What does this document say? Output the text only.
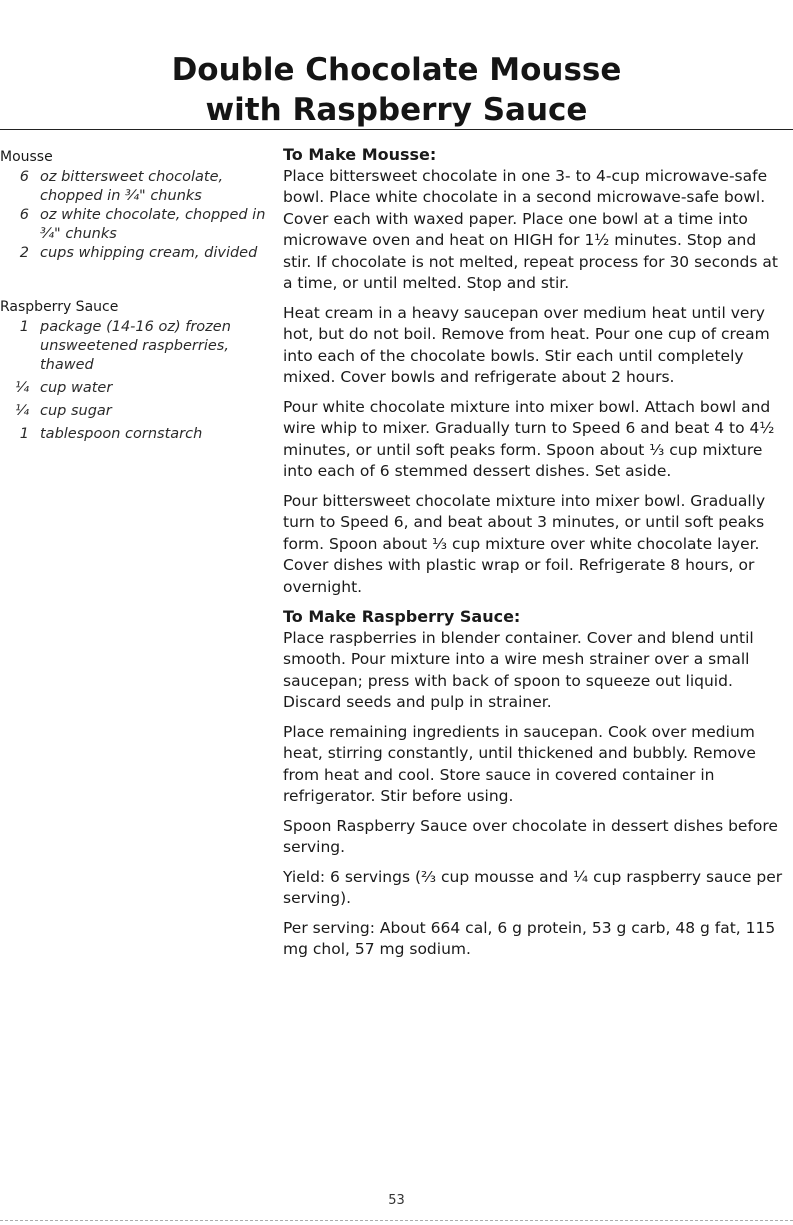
Double Chocolate Mousse
with Raspberry Sauce
Mousse
6 oz bittersweet chocolate, chopped in ¾" chunks
6 oz white chocolate, chopped in ¾" chunks
2 cups whipping cream, divided
Raspberry Sauce
1 package (14-16 oz) frozen unsweetened raspberries, thawed
¼ cup water
¼ cup sugar
1 tablespoon cornstarch
To Make Mousse:

Place bittersweet chocolate in one 3- to 4-cup microwave-safe bowl. Place white chocolate in a second microwave-safe bowl. Cover each with waxed paper. Place one bowl at a time into microwave oven and heat on HIGH for 1½ minutes. Stop and stir. If chocolate is not melted, repeat process for 30 seconds at a time, or until melted. Stop and stir.

Heat cream in a heavy saucepan over medium heat until very hot, but do not boil. Remove from heat. Pour one cup of cream into each of the chocolate bowls. Stir each until completely mixed. Cover bowls and refrigerate about 2 hours.

Pour white chocolate mixture into mixer bowl. Attach bowl and wire whip to mixer. Gradually turn to Speed 6 and beat 4 to 4½ minutes, or until soft peaks form. Spoon about ⅓ cup mixture into each of 6 stemmed dessert dishes. Set aside.

Pour bittersweet chocolate mixture into mixer bowl. Gradually turn to Speed 6, and beat about 3 minutes, or until soft peaks form. Spoon about ⅓ cup mixture over white chocolate layer. Cover dishes with plastic wrap or foil. Refrigerate 8 hours, or overnight.

To Make Raspberry Sauce:

Place raspberries in blender container. Cover and blend until smooth. Pour mixture into a wire mesh strainer over a small saucepan; press with back of spoon to squeeze out liquid. Discard seeds and pulp in strainer.

Place remaining ingredients in saucepan. Cook over medium heat, stirring constantly, until thickened and bubbly. Remove from heat and cool. Store sauce in covered container in refrigerator. Stir before using.

Spoon Raspberry Sauce over chocolate in dessert dishes before serving.

Yield: 6 servings (⅔ cup mousse and ¼ cup raspberry sauce per serving).

Per serving: About 664 cal, 6 g protein, 53 g carb, 48 g fat, 115 mg chol, 57 mg sodium.

53
